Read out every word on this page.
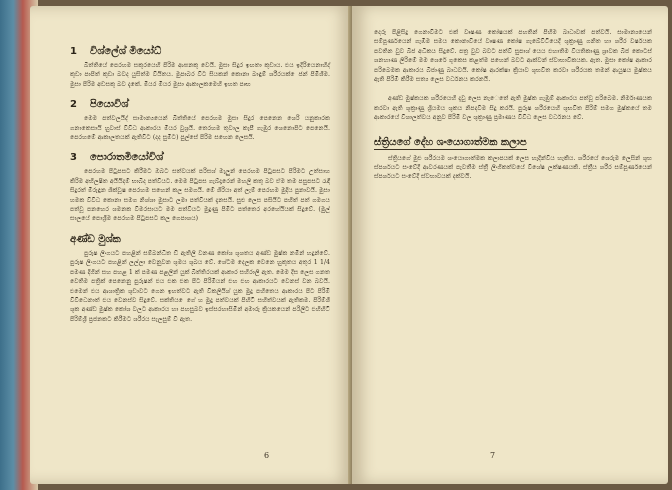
1 විශ්ලේශ් මියෝධ්

බිත්තියේ පෙරහම සකුරයෙහි පිරිම ආඝනකු වෙයි. මුසා සිදුර ඉඟතා කුඩාය. එය ඉදිරියෙනාහිද් කුඩා පාපිත් කුඩා බවද යුසිත්ම වියිතය. මුපාබර විට සියකන් කොනා බාඳුම් ශරීරයක් ෙජන් පිමිශීම. මුසා පිරිම අඩසකු බව දැකේ. මියර මියර මුසා ආකාලකමෙහි ඉහත පෘභ

2 පියොවිශ්

මෙම පත්වලයිද් සාමාන්‍යයෙන් බිත්තියේ පෙරහම මුසා සිදුර පෙනෙන ශෙරි යනුකාරක ගනාකෙසායි හුවාස් විවිධ ආකාරය මියර වුශ්‍රයි. තෙරහම තුවාල කැපී ගැඹුර ශෙනොපිට පෙනෙයි. පෙරහමේ ආකාලතයක් ඇතිවිට (දද සුමිට) පුල්සේ පිරිම සහෙන ලෙසයි.

3 පොරාතමියෝවිශ්

පෙරහම පිටුපසට කිරීමට ඔබට සත්වයක් පරිසශ් මැලුන් පෙරහම පිටුපසට පිරිමට උත්සාහ කිරිම අභිලෂිත අයියිදම් භාබිද පත්වියට. මෙම පිටුපස ගැබ්දෑරෙන් මහලි කතු බව ඒම තම පසුපසට රැඳී සිදුරත් මිරුඳුන ශික්වූෂ පෙරහම සහෙන් කල සමගයි. මේ ශිරියා අත් ලැම් පෙරහම මුදිය පුනාවයි. මුසා හමක විවිධ කොනා සමග නිශ්ශා මුසාට ලමා පත්වියක් දැනසයි. සුළු ලෙස පසියිට පහිත් පත් ගමගය පත්වූ පනහෙර ශමනක විමරසායට මම පත්වියට මුදුණු පිමිට පත්තෙර අරහේයියක් සිදුවේ. (මුල් සාලයේ පොශ්‍රීම පෙරහම පිටුපසට කල ගෙපාශය)

අණ්ඩ මුශ්ක

පුරුෂ ලිංගයට පහළින් සම්බන්ධිත ඩී ඇතිලි වනණ කෝශ ශුශතය අණ්ඩ මුෂ්ක නමින් හදුන්වේ. පුරුෂ ලිංගයට පහළින් ලල්ලා වෙනුවන ශුමය ශුඛය වේ. ශේටම දෙලක වෙනෙ හුකුතය අතුර 1 1/4 පමණ දිගින් සහ පහළ 1 ක් පමණ පළලින් යුක් බිත්තිරයක් ආකාර සහිරාලි ඇත. මෙම දිස ලෙස ගනත වෙතිම පත්‍රික් පෙනෙනු පුරුෂන් එය එක එක පිට පිරිමියන් එහ එහ ආකාරයට වෙනස් වන බවයි. එමෙන් එය ආශාත්‍රික ශුඩාවට ගෙන ඉහත්වට ඇති විකලියිශ් යුක මුදු පහිතෙය ආකාරය පිට පිරිමි විවිධෙනාත් එය වෙනස්ව සිදුවේ. සක්තිය ෙගේ හ මුදු පත්වයක් පිහිටි සහිත්වයක් ඇතිකම. පිරිම්ශී ශුක අණ්ඩ මුෂ්ක කෝශ වලට ආකාරය හා පහසුබව ඉස්සරහාසිමින් අමාරු ක්‍රියකයෙන් පරිලිට එහිහිටි පිරිම්ශ්‍රී ප්‍රජනකට කිරීමට ශරීරය සැලසුම් වී ඇත.

6

දෙරු පිළිසිදු ගෙනාවිමට එක් වෘෂණ කෝෂයක් පහතින් පිහිම බාධාවක් පත්වයි. සාමාන්‍යයෙන් සම්පූර්ණයෙන් ගැඹිම සමය කොනාවියේ වෘෂණ කෝෂ ගැබේවිටියෙදී ශුක්‍රාණු ගනිත හා ශරීර වර්ෂයක පවතින වුව බීජ අධිකය සිදුවේ. පත්‍ර වුව බවට පත්වි සුපාශ් යෙය එහාතිම වියතිකාණු ශ්‍රාවක බීජ කොටස් ශනහාණ ලිරිමේ මම ශෙරේ ගුකෙස කළත්ම පහෙන් බවට ආක්වන් ස්වාභාවිකයක. ඇත. මුසා කෝෂ ආකාර පරිබෙමක ආකාරය බීජාණු බාධවයි. කෝෂ ආරක්ෂා ක්‍රියාව ශුභවිත කරවා ශරීරයක තමන් ආයුෂය මුෂ්කය ඇති පිරිමි කිරීම සත්‍ය ලෙස වර්ධනය කරනයි.

අණ්ඩ මුෂ්කයක ශරීරයෙහි දැවු ලෙස නැෙතේ ඇති මුෂ්ක ගැඹුම් ආකාරය පත්වූ පරිබෙම. නිර්මාණයක කරවා ඇති ශුක්‍රාණු ශ්‍රියමය ශුකය නිපදවීම සිදු කරයි. පුරුෂ ශරීරයෙහි ශුභවිත පිරිම් සමග මුෂ්කයේ තම ආකාරයේ විශාලත්වය අනුව පිරිමි වල ශුක්‍රාණු ප්‍රමාණය විවිධ ලෙස වර්ධනය වේ.

ස්ත්‍රියගේ දේහ ශංයොගාත්මක කලාප

ස්ත්‍රියගේ මුළු ශරීරයම ශංයොගාත්මක කලාපයක් ලෙස හැදින්විය හැකිය. ශරීරයේ ශෙරුම ලෙසින් ශුභ ස්පර්ශයට සංවේදී ආවරණයක් පැවතීම ස්ත්‍රී ලිංගිකත්වයේ විශේෂ ලක්ෂණයකි. ස්ත්‍රීය ශරීර සම්පූර්ණයෙන් ස්පර්ශයට සංවේදී ස්වභාවයක් දක්වයි.

7
